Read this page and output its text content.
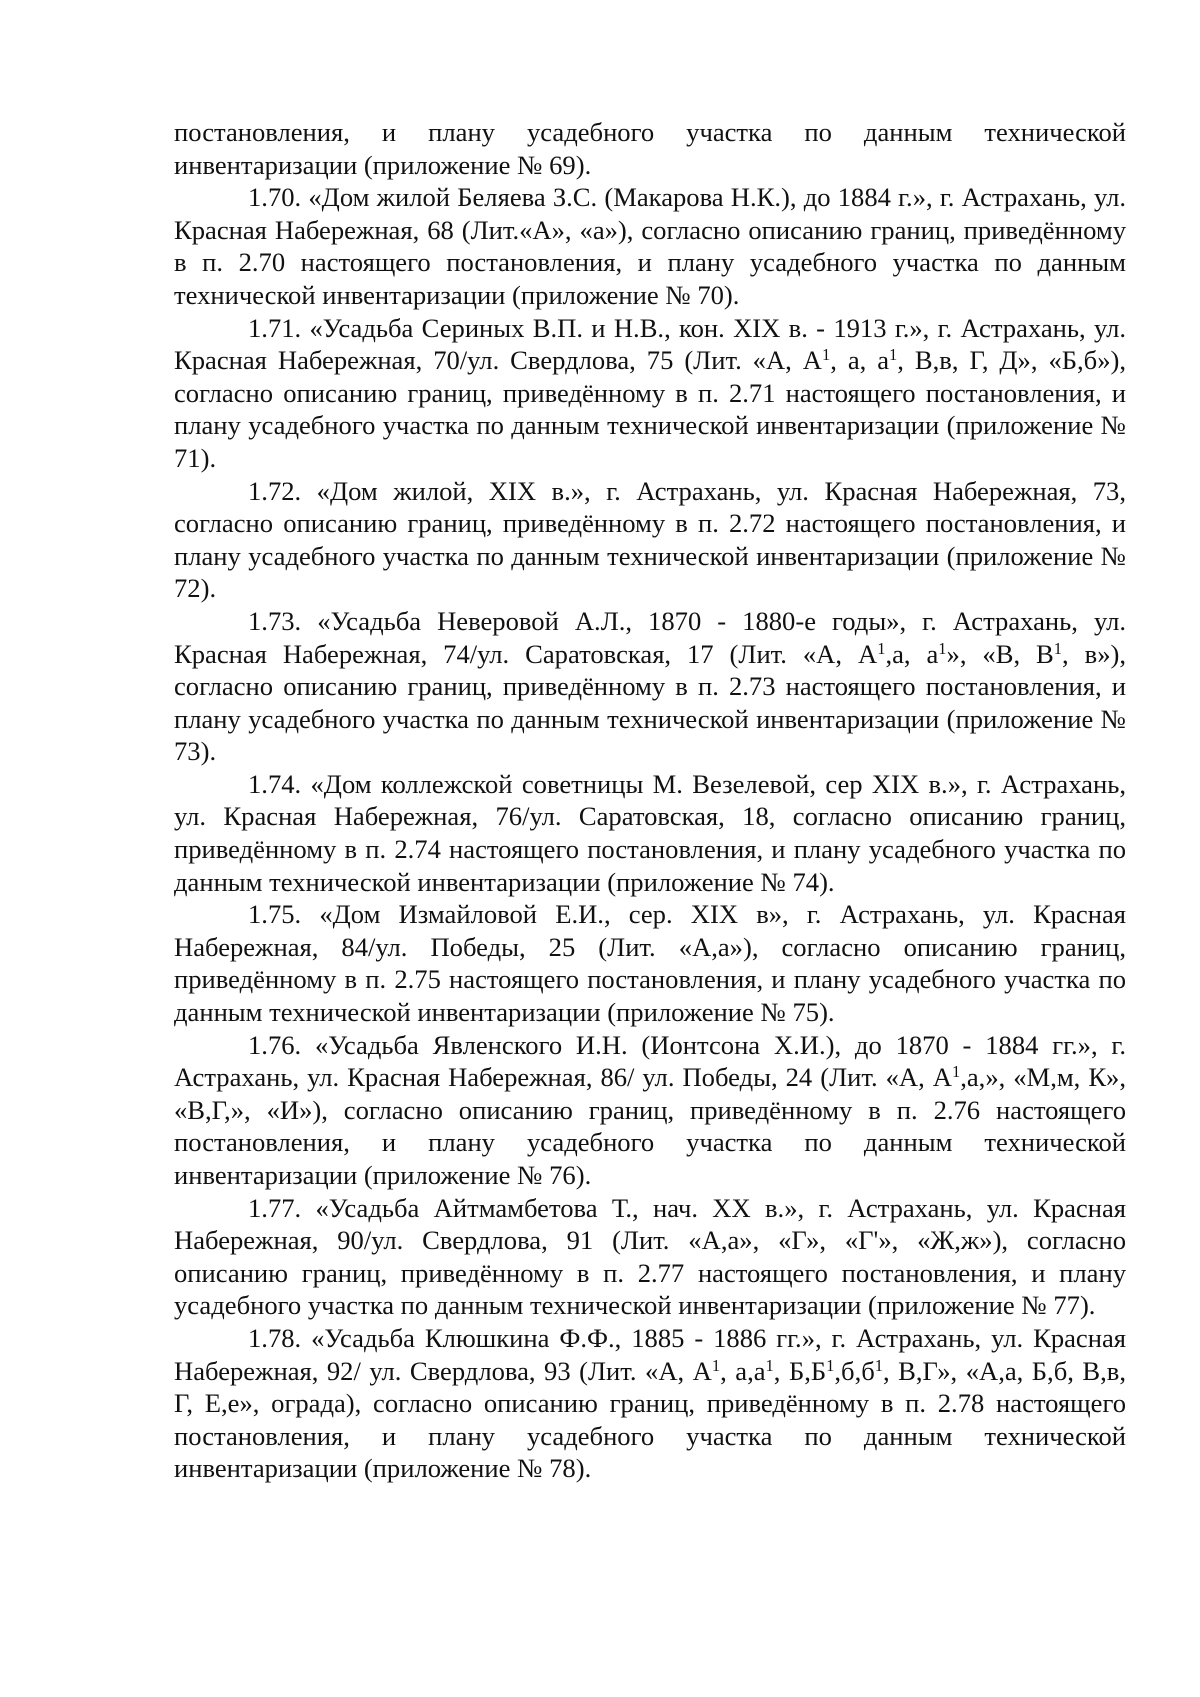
постановления, и плану усадебного участка по данным технической инвентаризации (приложение № 69).

1.70. «Дом жилой Беляева З.С. (Макарова Н.К.), до 1884 г.», г. Астрахань, ул. Красная Набережная, 68 (Лит.«А», «а»), согласно описанию границ, приведённому в п. 2.70 настоящего постановления, и плану усадебного участка по данным технической инвентаризации (приложение № 70).

1.71. «Усадьба Сериных В.П. и Н.В., кон. XIX в. - 1913 г.», г. Астрахань, ул. Красная Набережная, 70/ул. Свердлова, 75 (Лит. «А, $А^1$, а, $а^1$, В,в, Г, Д», «Б,б»), согласно описанию границ, приведённому в п. 2.71 настоящего постановления, и плану усадебного участка по данным технической инвентаризации (приложение № 71).

1.72. «Дом жилой, XIX в.», г. Астрахань, ул. Красная Набережная, 73, согласно описанию границ, приведённому в п. 2.72 настоящего постановления, и плану усадебного участка по данным технической инвентаризации (приложение № 72).

1.73. «Усадьба Неверовой А.Л., 1870 - 1880-е годы», г. Астрахань, ул. Красная Набережная, 74/ул. Саратовская, 17 (Лит. «А, $А^1,а$, $а^1$», «В, $В^1$, в»), согласно описанию границ, приведённому в п. 2.73 настоящего постановления, и плану усадебного участка по данным технической инвентаризации (приложение № 73).

1.74. «Дом коллежской советницы М. Везелевой, сер XIX в.», г. Астрахань, ул. Красная Набережная, 76/ул. Саратовская, 18, согласно описанию границ, приведённому в п. 2.74 настоящего постановления, и плану усадебного участка по данным технической инвентаризации (приложение № 74).

1.75. «Дом Измайловой Е.И., сер. XIX в», г. Астрахань, ул. Красная Набережная, 84/ул. Победы, 25 (Лит. «А,а»), согласно описанию границ, приведённому в п. 2.75 настоящего постановления, и плану усадебного участка по данным технической инвентаризации (приложение № 75).

1.76. «Усадьба Явленского И.Н. (Ионтсона Х.И.), до 1870 - 1884 гг.», г. Астрахань, ул. Красная Набережная, 86/ ул. Победы, 24 (Лит. «А, $А^1,а$,», «М,м, К», «В,Г,», «И»), согласно описанию границ, приведённому в п. 2.76 настоящего постановления, и плану усадебного участка по данным технической инвентаризации (приложение № 76).

1.77. «Усадьба Айтмамбетова Т., нач. XX в.», г. Астрахань, ул. Красная Набережная, 90/ул. Свердлова, 91 (Лит. «А,а», «Г», «Г'», «Ж,ж»), согласно описанию границ, приведённому в п. 2.77 настоящего постановления, и плану усадебного участка по данным технической инвентаризации (приложение № 77).

1.78. «Усадьба Клюшкина Ф.Ф., 1885 - 1886 гг.», г. Астрахань, ул. Красная Набережная, 92/ ул. Свердлова, 93 (Лит. «А, $А^1$, $а,а^1$, $Б,Б^1,б,б^1$, В,Г», «А,а, Б,б, В,в, Г, Е,е», ограда), согласно описанию границ, приведённому в п. 2.78 настоящего постановления, и плану усадебного участка по данным технической инвентаризации (приложение № 78).
